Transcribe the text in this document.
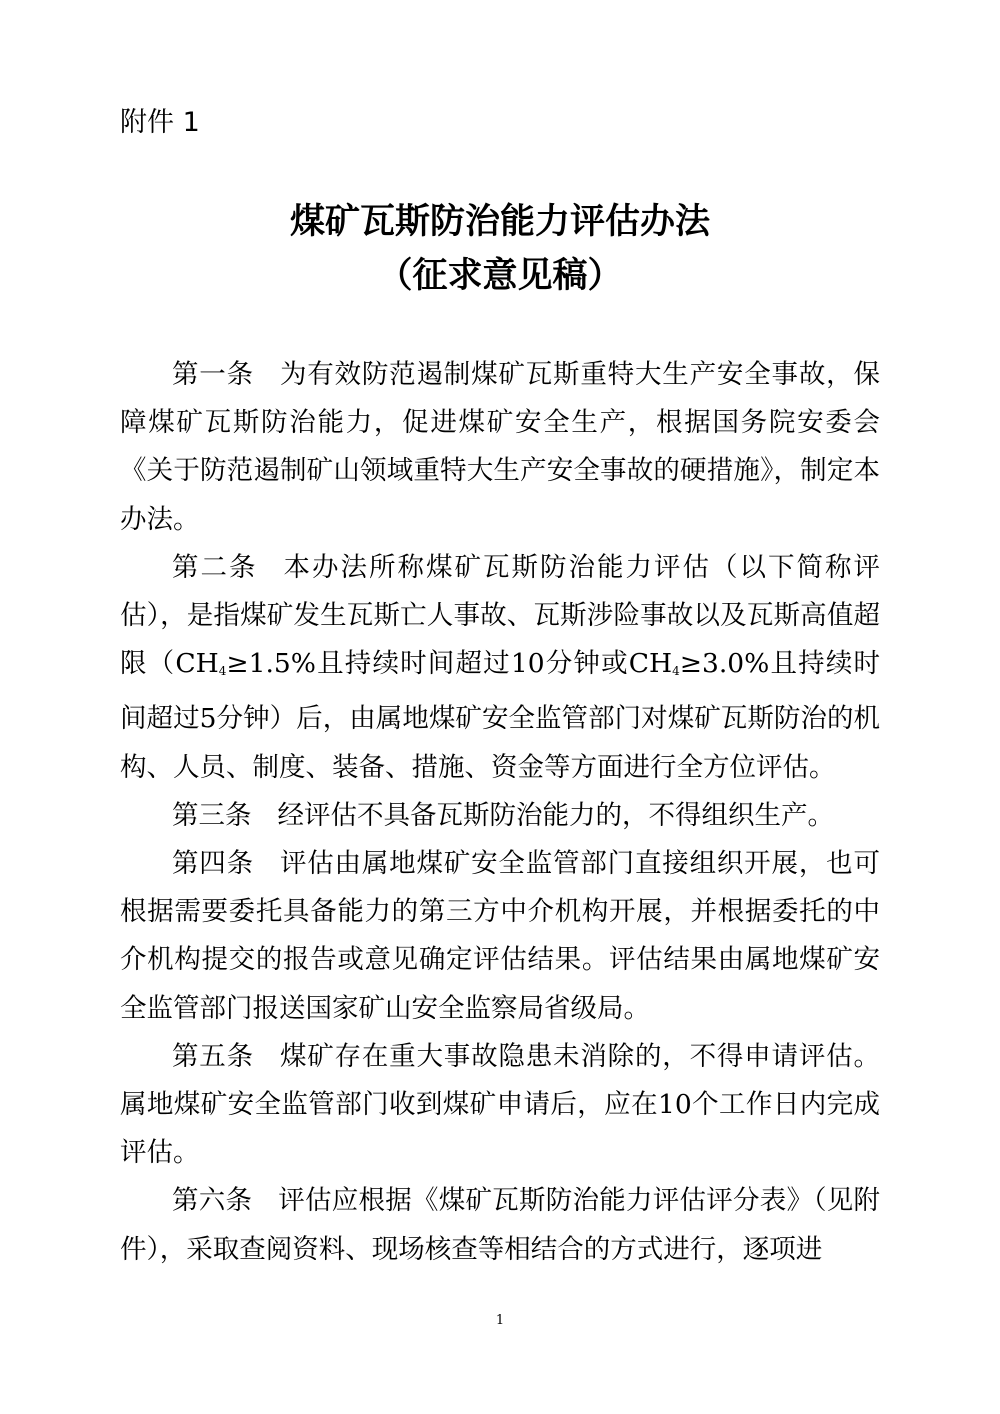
附件 1
煤矿瓦斯防治能力评估办法
（征求意见稿）

第一条 为有效防范遏制煤矿瓦斯重特大生产安全事故，保障煤矿瓦斯防治能力，促进煤矿安全生产，根据国务院安委会《关于防范遏制矿山领域重特大生产安全事故的硬措施》，制定本办法。

第二条 本办法所称煤矿瓦斯防治能力评估（以下简称评估），是指煤矿发生瓦斯亡人事故、瓦斯涉险事故以及瓦斯高值超限（$CH_4\ge 1.5\%$且持续时间超过10分钟或$CH_4\ge 3.0\%$且持续时间超过5分钟）后，由属地煤矿安全监管部门对煤矿瓦斯防治的机构、人员、制度、装备、措施、资金等方面进行全方位评估。

第三条 经评估不具备瓦斯防治能力的，不得组织生产。

第四条 评估由属地煤矿安全监管部门直接组织开展，也可根据需要委托具备能力的第三方中介机构开展，并根据委托的中介机构提交的报告或意见确定评估结果。评估结果由属地煤矿安全监管部门报送国家矿山安全监察局省级局。

第五条 煤矿存在重大事故隐患未消除的，不得申请评估。属地煤矿安全监管部门收到煤矿申请后，应在10个工作日内完成评估。

第六条 评估应根据《煤矿瓦斯防治能力评估评分表》（见附件），采取查阅资料、现场核查等相结合的方式进行，逐项进

1
